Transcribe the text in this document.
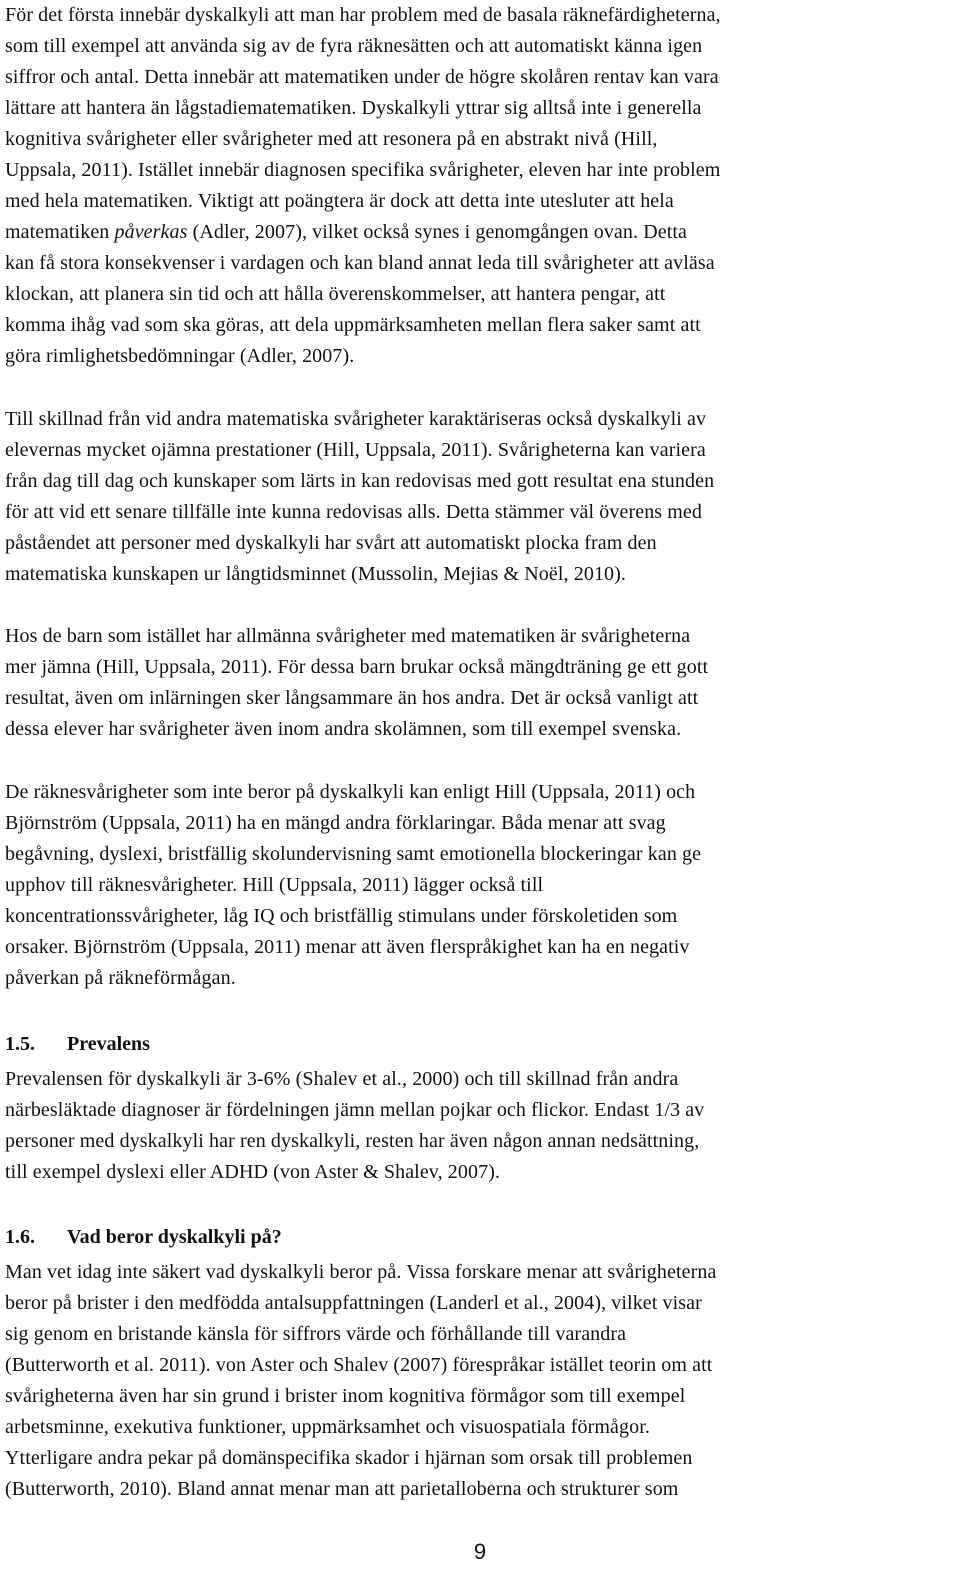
För det första innebär dyskalkyli att man har problem med de basala räknefärdigheterna,
som till exempel att använda sig av de fyra räknesätten och att automatiskt känna igen
siffror och antal. Detta innebär att matematiken under de högre skolåren rentav kan vara
lättare att hantera än lågstadiematematiken. Dyskalkyli yttrar sig alltså inte i generella
kognitiva svårigheter eller svårigheter med att resonera på en abstrakt nivå (Hill,
Uppsala, 2011). Istället innebär diagnosen specifika svårigheter, eleven har inte problem
med hela matematiken. Viktigt att poängtera är dock att detta inte utesluter att hela
matematiken påverkas (Adler, 2007), vilket också synes i genomgången ovan. Detta
kan få stora konsekvenser i vardagen och kan bland annat leda till svårigheter att avläsa
klockan, att planera sin tid och att hålla överenskommelser, att hantera pengar, att
komma ihåg vad som ska göras, att dela uppmärksamheten mellan flera saker samt att
göra rimlighetsbedömningar (Adler, 2007).
Till skillnad från vid andra matematiska svårigheter karaktäriseras också dyskalkyli av
elevernas mycket ojämna prestationer (Hill, Uppsala, 2011). Svårigheterna kan variera
från dag till dag och kunskaper som lärts in kan redovisas med gott resultat ena stunden
för att vid ett senare tillfälle inte kunna redovisas alls. Detta stämmer väl överens med
påståendet att personer med dyskalkyli har svårt att automatiskt plocka fram den
matematiska kunskapen ur långtidsminnet (Mussolin, Mejias & Noël, 2010).
Hos de barn som istället har allmänna svårigheter med matematiken är svårigheterna
mer jämna (Hill, Uppsala, 2011). För dessa barn brukar också mängdträning ge ett gott
resultat, även om inlärningen sker långsammare än hos andra. Det är också vanligt att
dessa elever har svårigheter även inom andra skolämnen, som till exempel svenska.
De räknesvårigheter som inte beror på dyskalkyli kan enligt Hill (Uppsala, 2011) och
Björnström (Uppsala, 2011) ha en mängd andra förklaringar. Båda menar att svag
begåvning, dyslexi, bristfällig skolundervisning samt emotionella blockeringar kan ge
upphov till räknesvårigheter. Hill (Uppsala, 2011) lägger också till
koncentrationssvårigheter, låg IQ och bristfällig stimulans under förskoletiden som
orsaker. Björnström (Uppsala, 2011) menar att även flerspråkighet kan ha en negativ
påverkan på räkneförmågan.
1.5. Prevalens
Prevalensen för dyskalkyli är 3-6% (Shalev et al., 2000) och till skillnad från andra
närbesläktade diagnoser är fördelningen jämn mellan pojkar och flickor. Endast 1/3 av
personer med dyskalkyli har ren dyskalkyli, resten har även någon annan nedsättning,
till exempel dyslexi eller ADHD (von Aster & Shalev, 2007).
1.6. Vad beror dyskalkyli på?
Man vet idag inte säkert vad dyskalkyli beror på. Vissa forskare menar att svårigheterna
beror på brister i den medfödda antalsuppfattningen (Landerl et al., 2004), vilket visar
sig genom en bristande känsla för siffrors värde och förhållande till varandra
(Butterworth et al. 2011). von Aster och Shalev (2007) förespråkar istället teorin om att
svårigheterna även har sin grund i brister inom kognitiva förmågor som till exempel
arbetsminne, exekutiva funktioner, uppmärksamhet och visuospatiala förmågor.
Ytterligare andra pekar på domänspecifika skador i hjärnan som orsak till problemen
(Butterworth, 2010). Bland annat menar man att parietalloberna och strukturer som
9
